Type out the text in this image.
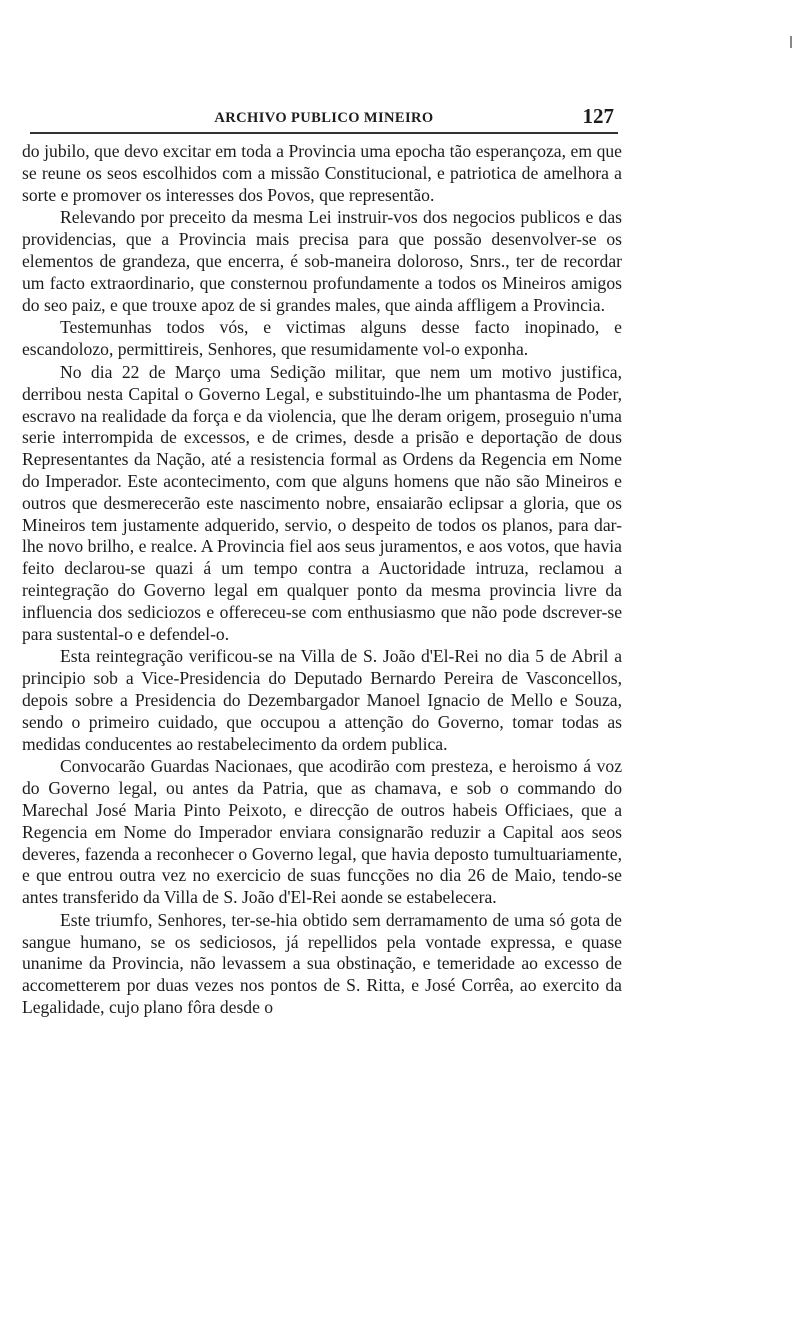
ARCHIVO PUBLICO MINEIRO	127

do jubilo, que devo excitar em toda a Provincia uma epocha tão esperançoza, em que se reune os seos escolhidos com a missão Constitucional, e patriotica de amelhora a sorte e promover os interesses dos Povos, que representão.

Relevando por preceito da mesma Lei instruir-vos dos negocios publicos e das providencias, que a Provincia mais precisa para que possão desenvolver-se os elementos de grandeza, que encerra, é sob-maneira doloroso, Snrs., ter de recordar um facto extraordinario, que consternou profundamente a todos os Mineiros amigos do seo paiz, e que trouxe apoz de si grandes males, que ainda affligem a Provincia.

Testemunhas todos vós, e victimas alguns desse facto inopinado, e escandolozo, permittireis, Senhores, que resumidamente vol-o exponha.

No dia 22 de Março uma Sedição militar, que nem um motivo justifica, derribou nesta Capital o Governo Legal, e substituindo-lhe um phantasma de Poder, escravo na realidade da força e da violencia, que lhe deram origem, proseguio n'uma serie interrompida de excessos, e de crimes, desde a prisão e deportação de dous Representantes da Nação, até a resistencia formal as Ordens da Regencia em Nome do Imperador. Este acontecimento, com que alguns homens que não são Mineiros e outros que desmerecerão este nascimento nobre, ensaiarão eclipsar a gloria, que os Mineiros tem justamente adquerido, servio, o despeito de todos os planos, para dar-lhe novo brilho, e realce. A Provincia fiel aos seus juramentos, e aos votos, que havia feito declarou-se quazi á um tempo contra a Auctoridade intruza, reclamou a reintegração do Governo legal em qualquer ponto da mesma provincia livre da influencia dos sediciozos e offereceu-se com enthusiasmo que não pode dscrever-se para sustental-o e defendel-o.

Esta reintegração verificou-se na Villa de S. João d'El-Rei no dia 5 de Abril a principio sob a Vice-Presidencia do Deputado Bernardo Pereira de Vasconcellos, depois sobre a Presidencia do Dezembargador Manoel Ignacio de Mello e Souza, sendo o primeiro cuidado, que occupou a attenção do Governo, tomar todas as medidas conducentes ao restabelecimento da ordem publica.

Convocarão Guardas Nacionaes, que acodirão com presteza, e heroismo á voz do Governo legal, ou antes da Patria, que as chamava, e sob o commando do Marechal José Maria Pinto Peixoto, e direcção de outros habeis Officiaes, que a Regencia em Nome do Imperador enviara consignarão reduzir a Capital aos seos deveres, fazenda a reconhecer o Governo legal, que havia deposto tumultuariamente, e que entrou outra vez no exercicio de suas funcções no dia 26 de Maio, tendo-se antes transferido da Villa de S. João d'El-Rei aonde se estabelecera.

Este triumfo, Senhores, ter-se-hia obtido sem derramamento de uma só gota de sangue humano, se os sediciosos, já repellidos pela vontade expressa, e quase unanime da Provincia, não levassem a sua obstinação, e temeridade ao excesso de accometterem por duas vezes nos pontos de S. Ritta, e José Corrêa, ao exercito da Legalidade, cujo plano fôra desde o
